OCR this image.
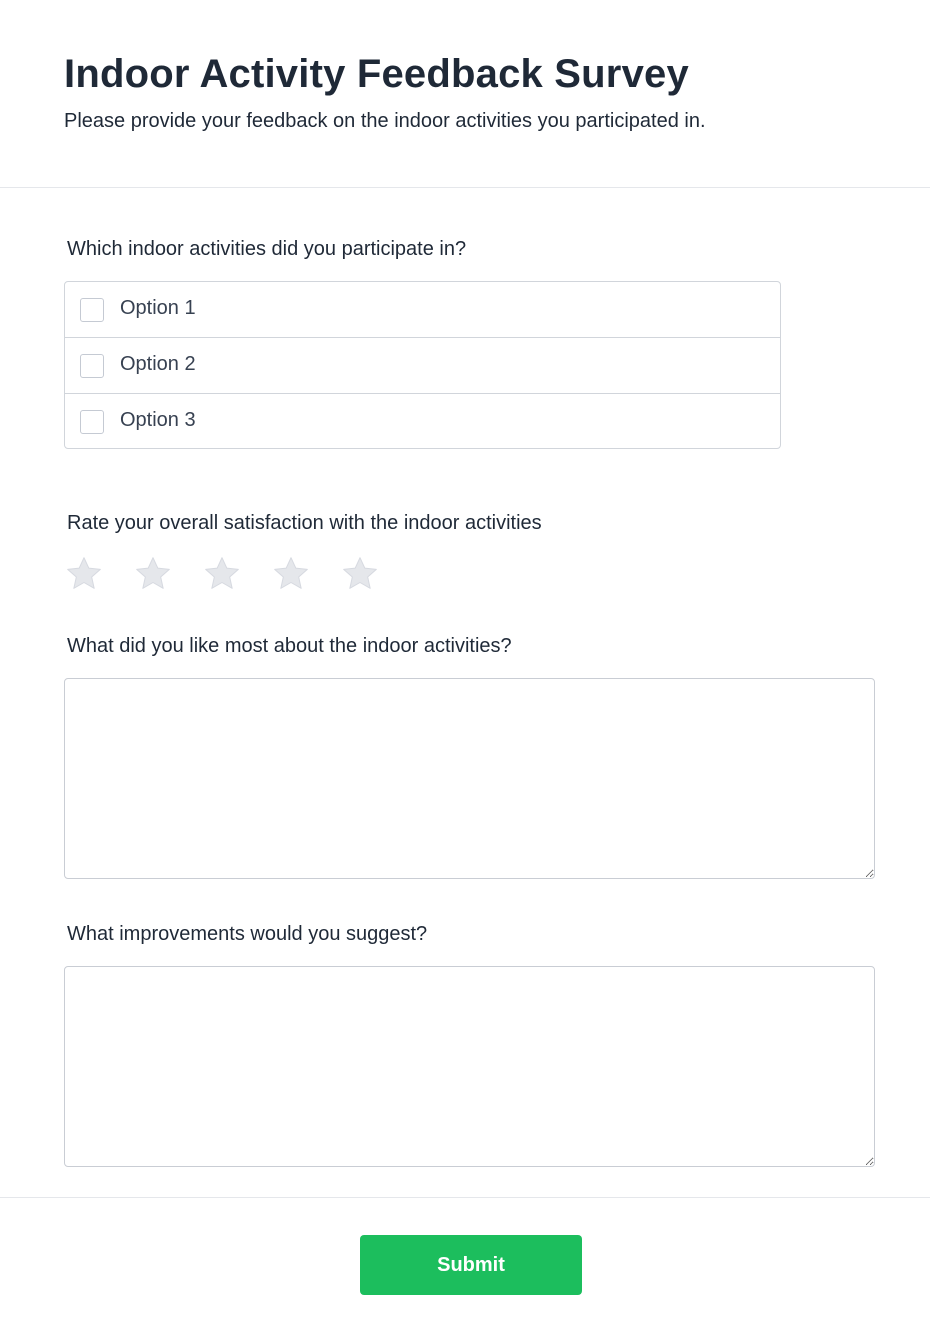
Indoor Activity Feedback Survey

Please provide your feedback on the indoor activities you participated in.

Which indoor activities did you participate in?

Option 1
Option 2
Option 3

Rate your overall satisfaction with the indoor activities

What did you like most about the indoor activities?

What improvements would you suggest?

Submit
